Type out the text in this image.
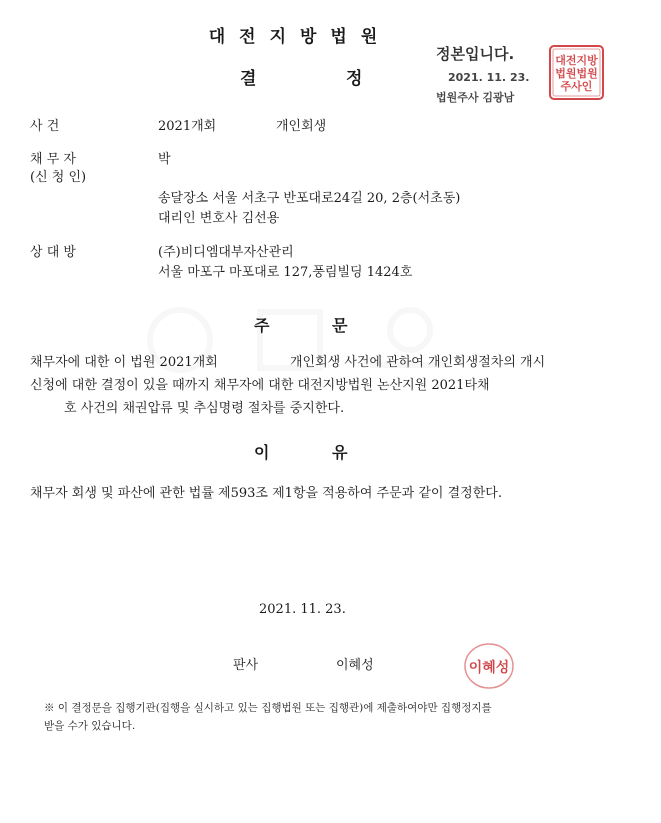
대전지방법원
결	정
정본입니다.
2021. 11. 23.
법원주사 김광남
대전지방
법원법원
주사인
사 건	2021개회	개인회생
채 무 자
(신 청 인)
박
송달장소 서울 서초구 반포대로24길 20, 2층(서초동)
대리인 변호사 김선용
상 대 방	(주)비디엠대부자산관리
서울 마포구 마포대로 127,풍림빌딩 1424호
주	문
채무자에 대한 이 법원 2021개회	개인회생 사건에 관하여 개인회생절차의 개시
신청에 대한 결정이 있을 때까지 채무자에 대한 대전지방법원 논산지원 2021타채
호 사건의 채권압류 및 추심명령 절차를 중지한다.
이	유
채무자 회생 및 파산에 관한 법률 제593조 제1항을 적용하여 주문과 같이 결정한다.
2021. 11. 23.
판사	이혜성	이혜성
※ 이 결정문을 집행기관(집행을 실시하고 있는 집행법원 또는 집행관)에 제출하여야만 집행정지를
받을 수가 있습니다.
